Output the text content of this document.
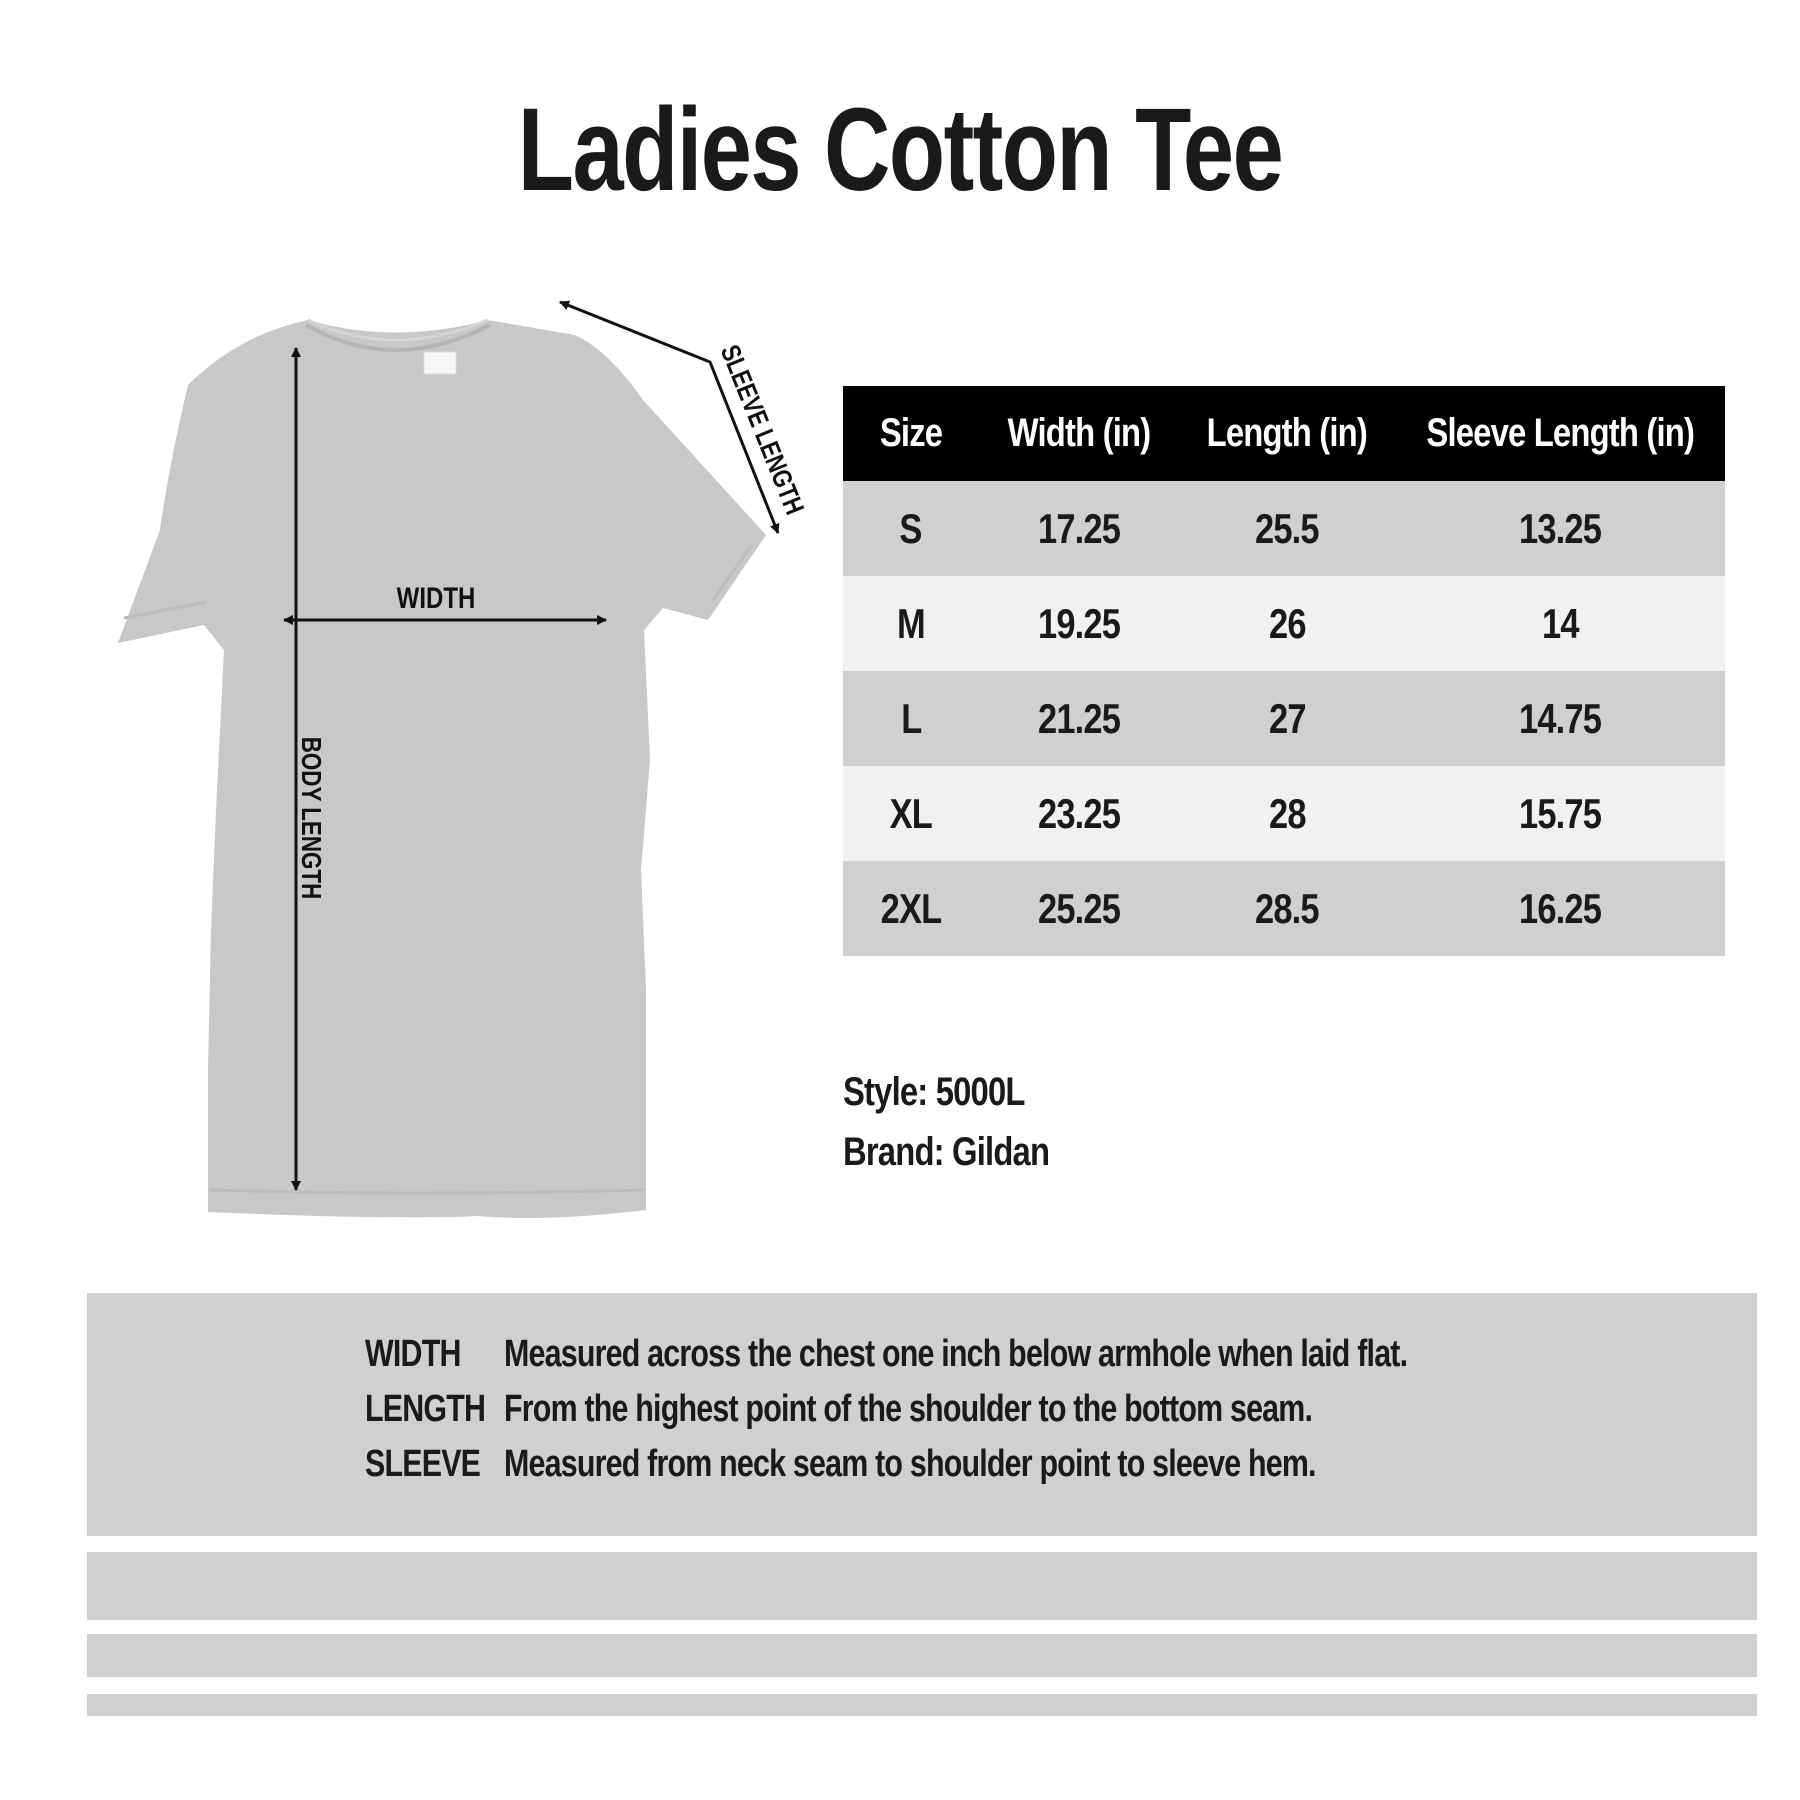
Ladies Cotton Tee
WIDTH
BODY LENGTH
SLEEVE LENGTH Size	Width (in)	Length (in)	Sleeve Length (in)
S	17.25	25.5	13.25
M	19.25	26	14
L	21.25	27	14.75
XL	23.25	28	15.75
2XL	25.25	28.5	16.25
Style: 5000L
Brand: Gildan
WIDTH	Measured across the chest one inch below armhole when laid flat.
LENGTH From the highest point of the shoulder to the bottom seam.
SLEEVE Measured from neck seam to shoulder point to sleeve hem.
